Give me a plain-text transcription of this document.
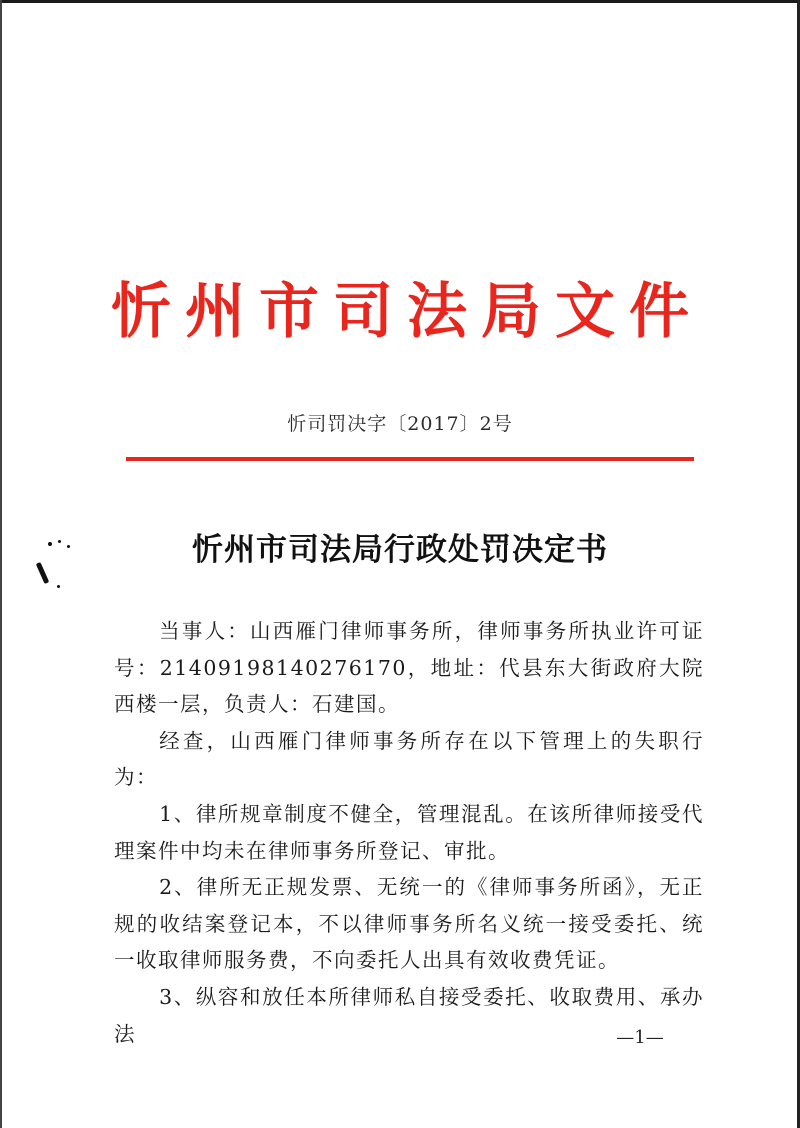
忻州市司法局文件
忻司罚决字〔2017〕2号
忻州市司法局行政处罚决定书

当事人：山西雁门律师事务所，律师事务所执业许可证号：21409198140276170，地址：代县东大街政府大院西楼一层，负责人：石建国。

经查，山西雁门律师事务所存在以下管理上的失职行为：

1、律所规章制度不健全，管理混乱。在该所律师接受代理案件中均未在律师事务所登记、审批。

2、律所无正规发票、无统一的《律师事务所函》，无正规的收结案登记本，不以律师事务所名义统一接受委托、统一收取律师服务费，不向委托人出具有效收费凭证。

3、纵容和放任本所律师私自接受委托、收取费用、承办法	—1—
